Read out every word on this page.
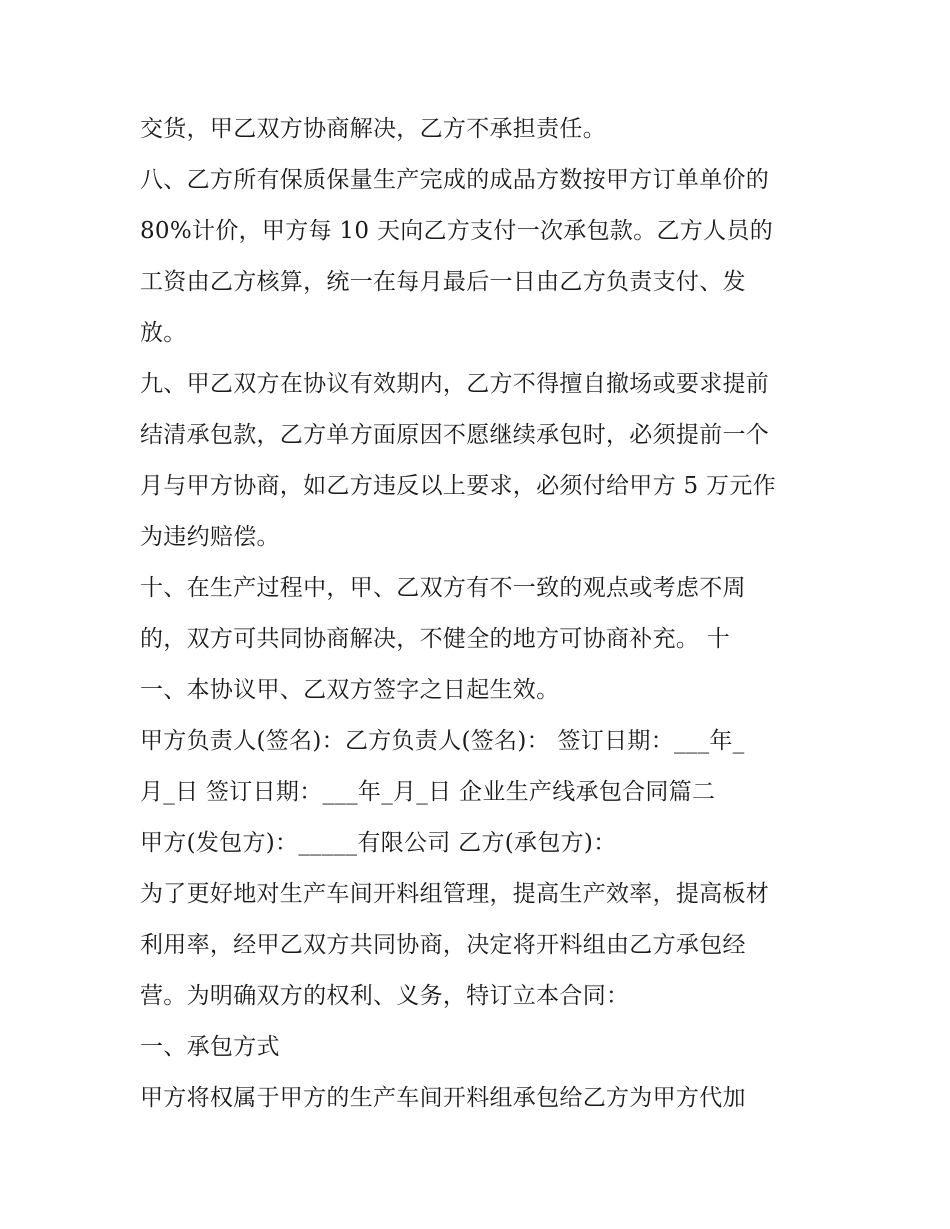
交货，甲乙双方协商解决，乙方不承担责任。
八、乙方所有保质保量生产完成的成品方数按甲方订单单价的
80%计价，甲方每 10 天向乙方支付一次承包款。乙方人员的
工资由乙方核算，统一在每月最后一日由乙方负责支付、发
放。
九、甲乙双方在协议有效期内，乙方不得擅自撤场或要求提前
结清承包款，乙方单方面原因不愿继续承包时，必须提前一个
月与甲方协商，如乙方违反以上要求，必须付给甲方 5 万元作
为违约赔偿。
十、在生产过程中，甲、乙双方有不一致的观点或考虑不周
的，双方可共同协商解决，不健全的地方可协商补充。 十
一、本协议甲、乙双方签字之日起生效。
甲方负责人(签名)：乙方负责人(签名)： 签订日期：___年_
月_日 签订日期：___年_月_日 企业生产线承包合同篇二
甲方(发包方)：_____有限公司 乙方(承包方)：
为了更好地对生产车间开料组管理，提高生产效率，提高板材
利用率，经甲乙双方共同协商，决定将开料组由乙方承包经
营。为明确双方的权利、义务，特订立本合同：
一、承包方式
甲方将权属于甲方的生产车间开料组承包给乙方为甲方代加
